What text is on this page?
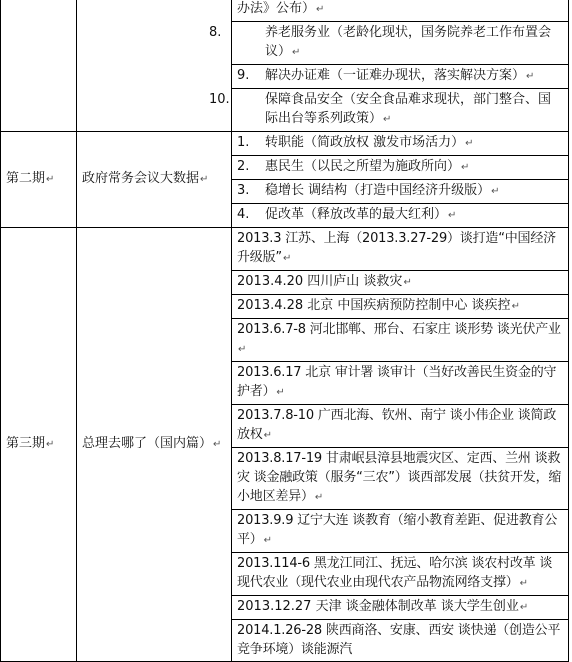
		办法》公布）↵

		8. 养老服务业（老龄化现状，国务院养老工作布置会议）↵

		9. 解决办证难（一证难办现状，落实解决方案）↵

		10. 保障食品安全（安全食品难求现状，部门整合、国际出台等系列政策）↵

第二期↵	政府常务会议大数据↵	1. 转职能（简政放权 激发市场活力）↵
		2. 惠民生（以民之所望为施政所向）↵
		3. 稳增长 调结构（打造中国经济升级版）↵
		4. 促改革（释放改革的最大红利）↵
第三期↵	总理去哪了（国内篇）↵	2013.3 江苏、上海（2013.3.27-29）谈打造“中国经济升级版”↵
		2013.4.20 四川庐山 谈救灾↵
		2013.4.28 北京 中国疾病预防控制中心 谈疾控↵
		2013.6.7-8 河北邯郸、邢台、石家庄 谈形势 谈光伏产业↵
		2013.6.17 北京 审计署 谈审计（当好改善民生资金的守护者）↵
		2013.7.8-10 广西北海、钦州、南宁 谈小伟企业 谈简政放权↵
		2013.8.17-19 甘肃岷县漳县地震灾区、定西、兰州 谈救灾 谈金融政策（服务“三农”）谈西部发展（扶贫开发，缩小地区差异）↵
		2013.9.9 辽宁大连 谈教育（缩小教育差距、促进教育公平）↵
		2013.114-6 黑龙江同江、抚远、哈尔滨 谈农村改革 谈现代农业（现代农业由现代农产品物流网络支撑）↵
		2013.12.27 天津 谈金融体制改革 谈大学生创业↵
		2014.1.26-28 陕西商洛、安康、西安 谈快递（创造公平竞争环境）谈能源汽
